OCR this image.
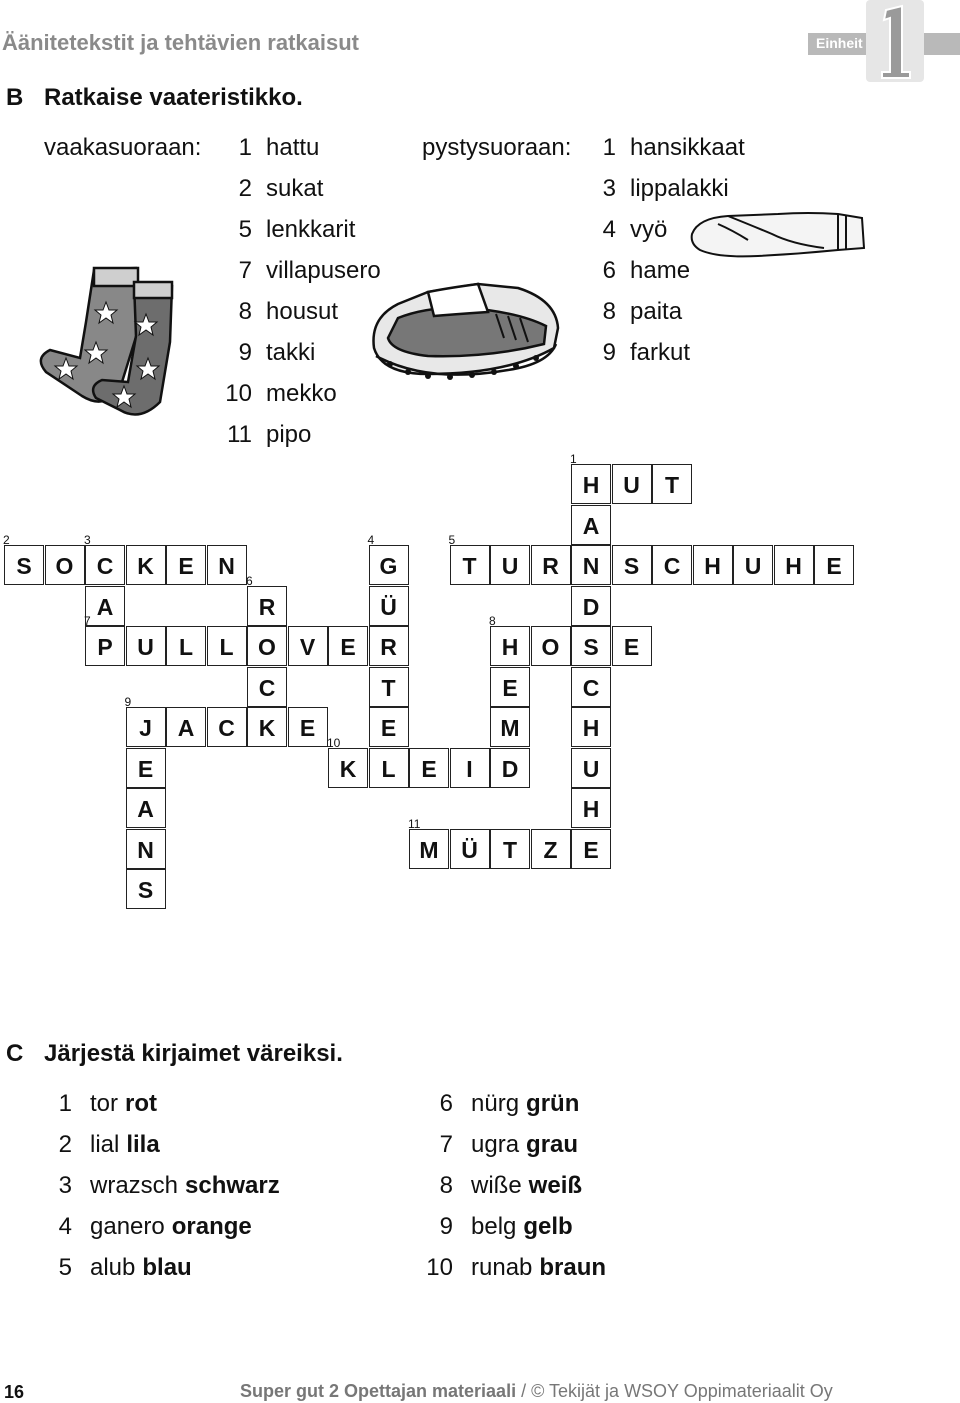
Äänitetekstit ja tehtävien ratkaisut	1
Einheit
B Ratkaise vaateristikko.
vaakasuoraan:	pystysuoraan:
1 hattu
2 sukat
5 lenkkarit
7 villapusero
8 housut
9 takki
10 mekko
11 pipo
1 hansikkaat
3 lippalakki
4 vyö
6 hame
8 paita
9 farkut
H
1
U	T
A
S
2
O	C
3
K	E	N	G
4
T
5
U	R	N	S	C	H	U	H	E
A	R
6
Ü	D
P
7
U	L	L	O	V	E	R	H
8
O	S	E
C	T	E	C
J
9
A	C	K	E	E	M	H
E	K
10
L	E	I	D	U
A	H
N	M
11
Ü	T	Z	E
S
C Järjestä kirjaimet väreiksi.
1 tor rot
2 lial lila
3 wrazsch schwarz
4 ganero orange
5 alub blau
6 nürg grün
7 ugra grau
8 wiße weiß
9 belg gelb
10 runab braun
16	Super gut 2 Opettajan materiaali / © Tekijät ja WSOY Oppimateriaalit Oy
